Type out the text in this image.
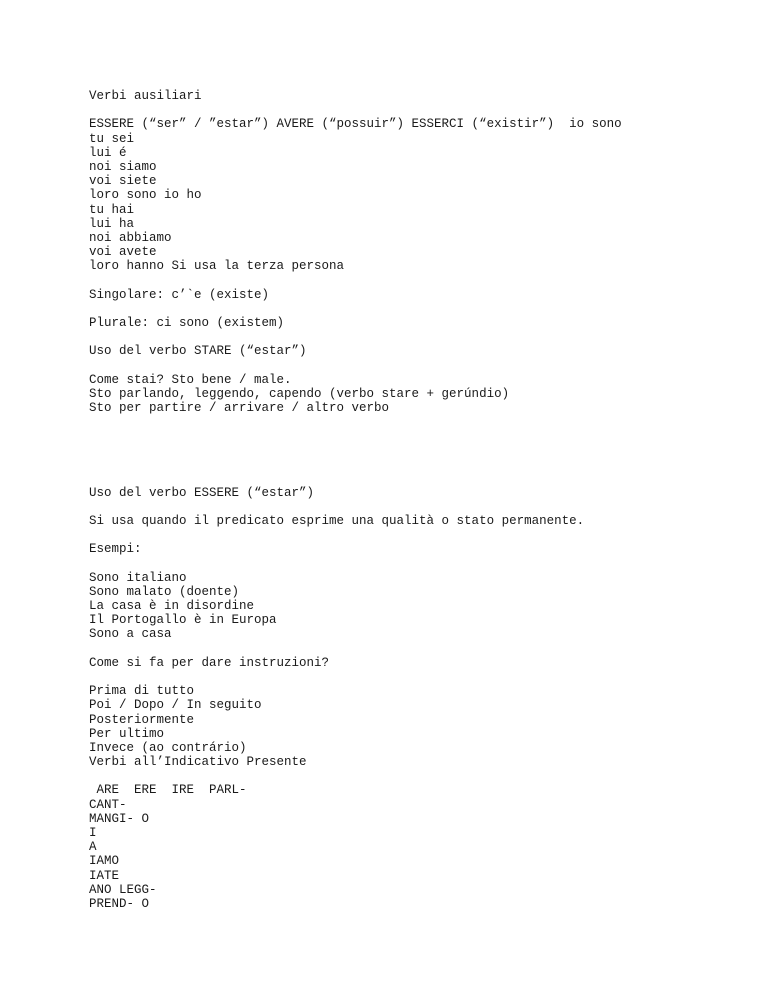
Verbi ausiliari
ESSERE (“ser” / ”estar”) AVERE (“possuir”) ESSERCI (“existir”)  io sono
tu sei
lui é
noi siamo
voi siete
loro sono io ho
tu hai
lui ha
noi abbiamo
voi avete
loro hanno Si usa la terza persona
Singolare: c’`e (existe)
Plurale: ci sono (existem)
Uso del verbo STARE (“estar”)
Come stai? Sto bene / male.
Sto parlando, leggendo, capendo (verbo stare + gerúndio)
Sto per partire / arrivare / altro verbo
Uso del verbo ESSERE (“estar”)
Si usa quando il predicato esprime una qualità o stato permanente.
Esempi:
Sono italiano
Sono malato (doente)
La casa è in disordine
Il Portogallo è in Europa
Sono a casa
Come si fa per dare instruzioni?
Prima di tutto
Poi / Dopo / In seguito
Posteriormente
Per ultimo
Invece (ao contrário)
Verbi all’Indicativo Presente
ARE  ERE  IRE  PARL-
CANT-
MANGI- O
I
A
IAMO
IATE
ANO LEGG-
PREND- O
